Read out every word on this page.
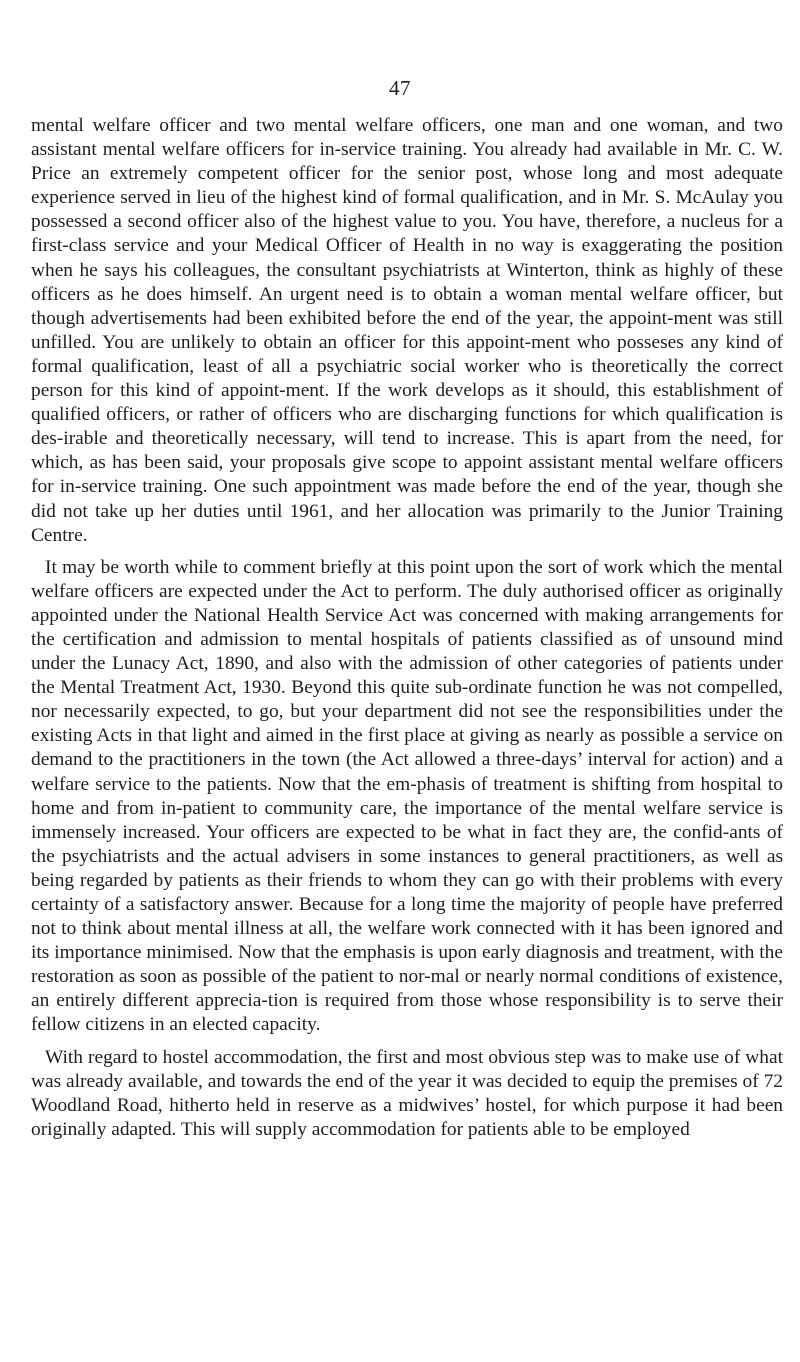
47

mental welfare officer and two mental welfare officers, one man and one woman, and two assistant mental welfare officers for in-service training. You already had available in Mr. C. W. Price an extremely competent officer for the senior post, whose long and most adequate experience served in lieu of the highest kind of formal qualification, and in Mr. S. McAulay you possessed a second officer also of the highest value to you. You have, therefore, a nucleus for a first-class service and your Medical Officer of Health in no way is exaggerating the position when he says his colleagues, the consultant psychiatrists at Winterton, think as highly of these officers as he does himself. An urgent need is to obtain a woman mental welfare officer, but though advertisements had been exhibited before the end of the year, the appoint-ment was still unfilled. You are unlikely to obtain an officer for this appoint-ment who posseses any kind of formal qualification, least of all a psychiatric social worker who is theoretically the correct person for this kind of appoint-ment. If the work develops as it should, this establishment of qualified officers, or rather of officers who are discharging functions for which qualification is des-irable and theoretically necessary, will tend to increase. This is apart from the need, for which, as has been said, your proposals give scope to appoint assistant mental welfare officers for in-service training. One such appointment was made before the end of the year, though she did not take up her duties until 1961, and her allocation was primarily to the Junior Training Centre.

It may be worth while to comment briefly at this point upon the sort of work which the mental welfare officers are expected under the Act to perform. The duly authorised officer as originally appointed under the National Health Service Act was concerned with making arrangements for the certification and admission to mental hospitals of patients classified as of unsound mind under the Lunacy Act, 1890, and also with the admission of other categories of patients under the Mental Treatment Act, 1930. Beyond this quite sub-ordinate function he was not compelled, nor necessarily expected, to go, but your department did not see the responsibilities under the existing Acts in that light and aimed in the first place at giving as nearly as possible a service on demand to the practitioners in the town (the Act allowed a three-days’ interval for action) and a welfare service to the patients. Now that the em-phasis of treatment is shifting from hospital to home and from in-patient to community care, the importance of the mental welfare service is immensely increased. Your officers are expected to be what in fact they are, the confid-ants of the psychiatrists and the actual advisers in some instances to general practitioners, as well as being regarded by patients as their friends to whom they can go with their problems with every certainty of a satisfactory answer. Because for a long time the majority of people have preferred not to think about mental illness at all, the welfare work connected with it has been ignored and its importance minimised. Now that the emphasis is upon early diagnosis and treatment, with the restoration as soon as possible of the patient to nor-mal or nearly normal conditions of existence, an entirely different apprecia-tion is required from those whose responsibility is to serve their fellow citizens in an elected capacity.

With regard to hostel accommodation, the first and most obvious step was to make use of what was already available, and towards the end of the year it was decided to equip the premises of 72 Woodland Road, hitherto held in reserve as a midwives’ hostel, for which purpose it had been originally adapted. This will supply accommodation for patients able to be employed
